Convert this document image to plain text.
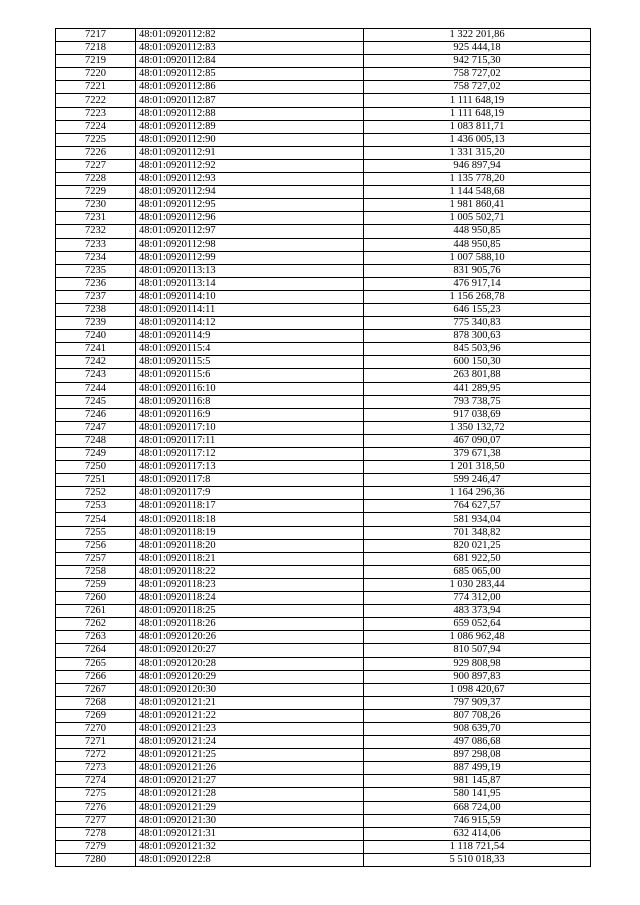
7217	48:01:0920112:82	1 322 201,86
7218	48:01:0920112:83	925 444,18
7219	48:01:0920112:84	942 715,30
7220	48:01:0920112:85	758 727,02
7221	48:01:0920112:86	758 727,02
7222	48:01:0920112:87	1 111 648,19
7223	48:01:0920112:88	1 111 648,19
7224	48:01:0920112:89	1 083 811,71
7225	48:01:0920112:90	1 436 005,13
7226	48:01:0920112:91	1 331 315,20
7227	48:01:0920112:92	946 897,94
7228	48:01:0920112:93	1 135 778,20
7229	48:01:0920112:94	1 144 548,68
7230	48:01:0920112:95	1 981 860,41
7231	48:01:0920112:96	1 005 502,71
7232	48:01:0920112:97	448 950,85
7233	48:01:0920112:98	448 950,85
7234	48:01:0920112:99	1 007 588,10
7235	48:01:0920113:13	831 905,76
7236	48:01:0920113:14	476 917,14
7237	48:01:0920114:10	1 156 268,78
7238	48:01:0920114:11	646 155,23
7239	48:01:0920114:12	775 340,83
7240	48:01:0920114:9	878 300,63
7241	48:01:0920115:4	845 503,96
7242	48:01:0920115:5	600 150,30
7243	48:01:0920115:6	263 801,88
7244	48:01:0920116:10	441 289,95
7245	48:01:0920116:8	793 738,75
7246	48:01:0920116:9	917 038,69
7247	48:01:0920117:10	1 350 132,72
7248	48:01:0920117:11	467 090,07
7249	48:01:0920117:12	379 671,38
7250	48:01:0920117:13	1 201 318,50
7251	48:01:0920117:8	599 246,47
7252	48:01:0920117:9	1 164 296,36
7253	48:01:0920118:17	764 627,57
7254	48:01:0920118:18	581 934,04
7255	48:01:0920118:19	701 348,82
7256	48:01:0920118:20	820 021,25
7257	48:01:0920118:21	681 922,50
7258	48:01:0920118:22	685 065,00
7259	48:01:0920118:23	1 030 283,44
7260	48:01:0920118:24	774 312,00
7261	48:01:0920118:25	483 373,94
7262	48:01:0920118:26	659 052,64
7263	48:01:0920120:26	1 086 962,48
7264	48:01:0920120:27	810 507,94
7265	48:01:0920120:28	929 808,98
7266	48:01:0920120:29	900 897,83
7267	48:01:0920120:30	1 098 420,67
7268	48:01:0920121:21	797 909,37
7269	48:01:0920121:22	807 708,26
7270	48:01:0920121:23	908 639,70
7271	48:01:0920121:24	497 086,68
7272	48:01:0920121:25	897 298,08
7273	48:01:0920121:26	887 499,19
7274	48:01:0920121:27	981 145,87
7275	48:01:0920121:28	580 141,95
7276	48:01:0920121:29	668 724,00
7277	48:01:0920121:30	746 915,59
7278	48:01:0920121:31	632 414,06
7279	48:01:0920121:32	1 118 721,54
7280	48:01:0920122:8	5 510 018,33
